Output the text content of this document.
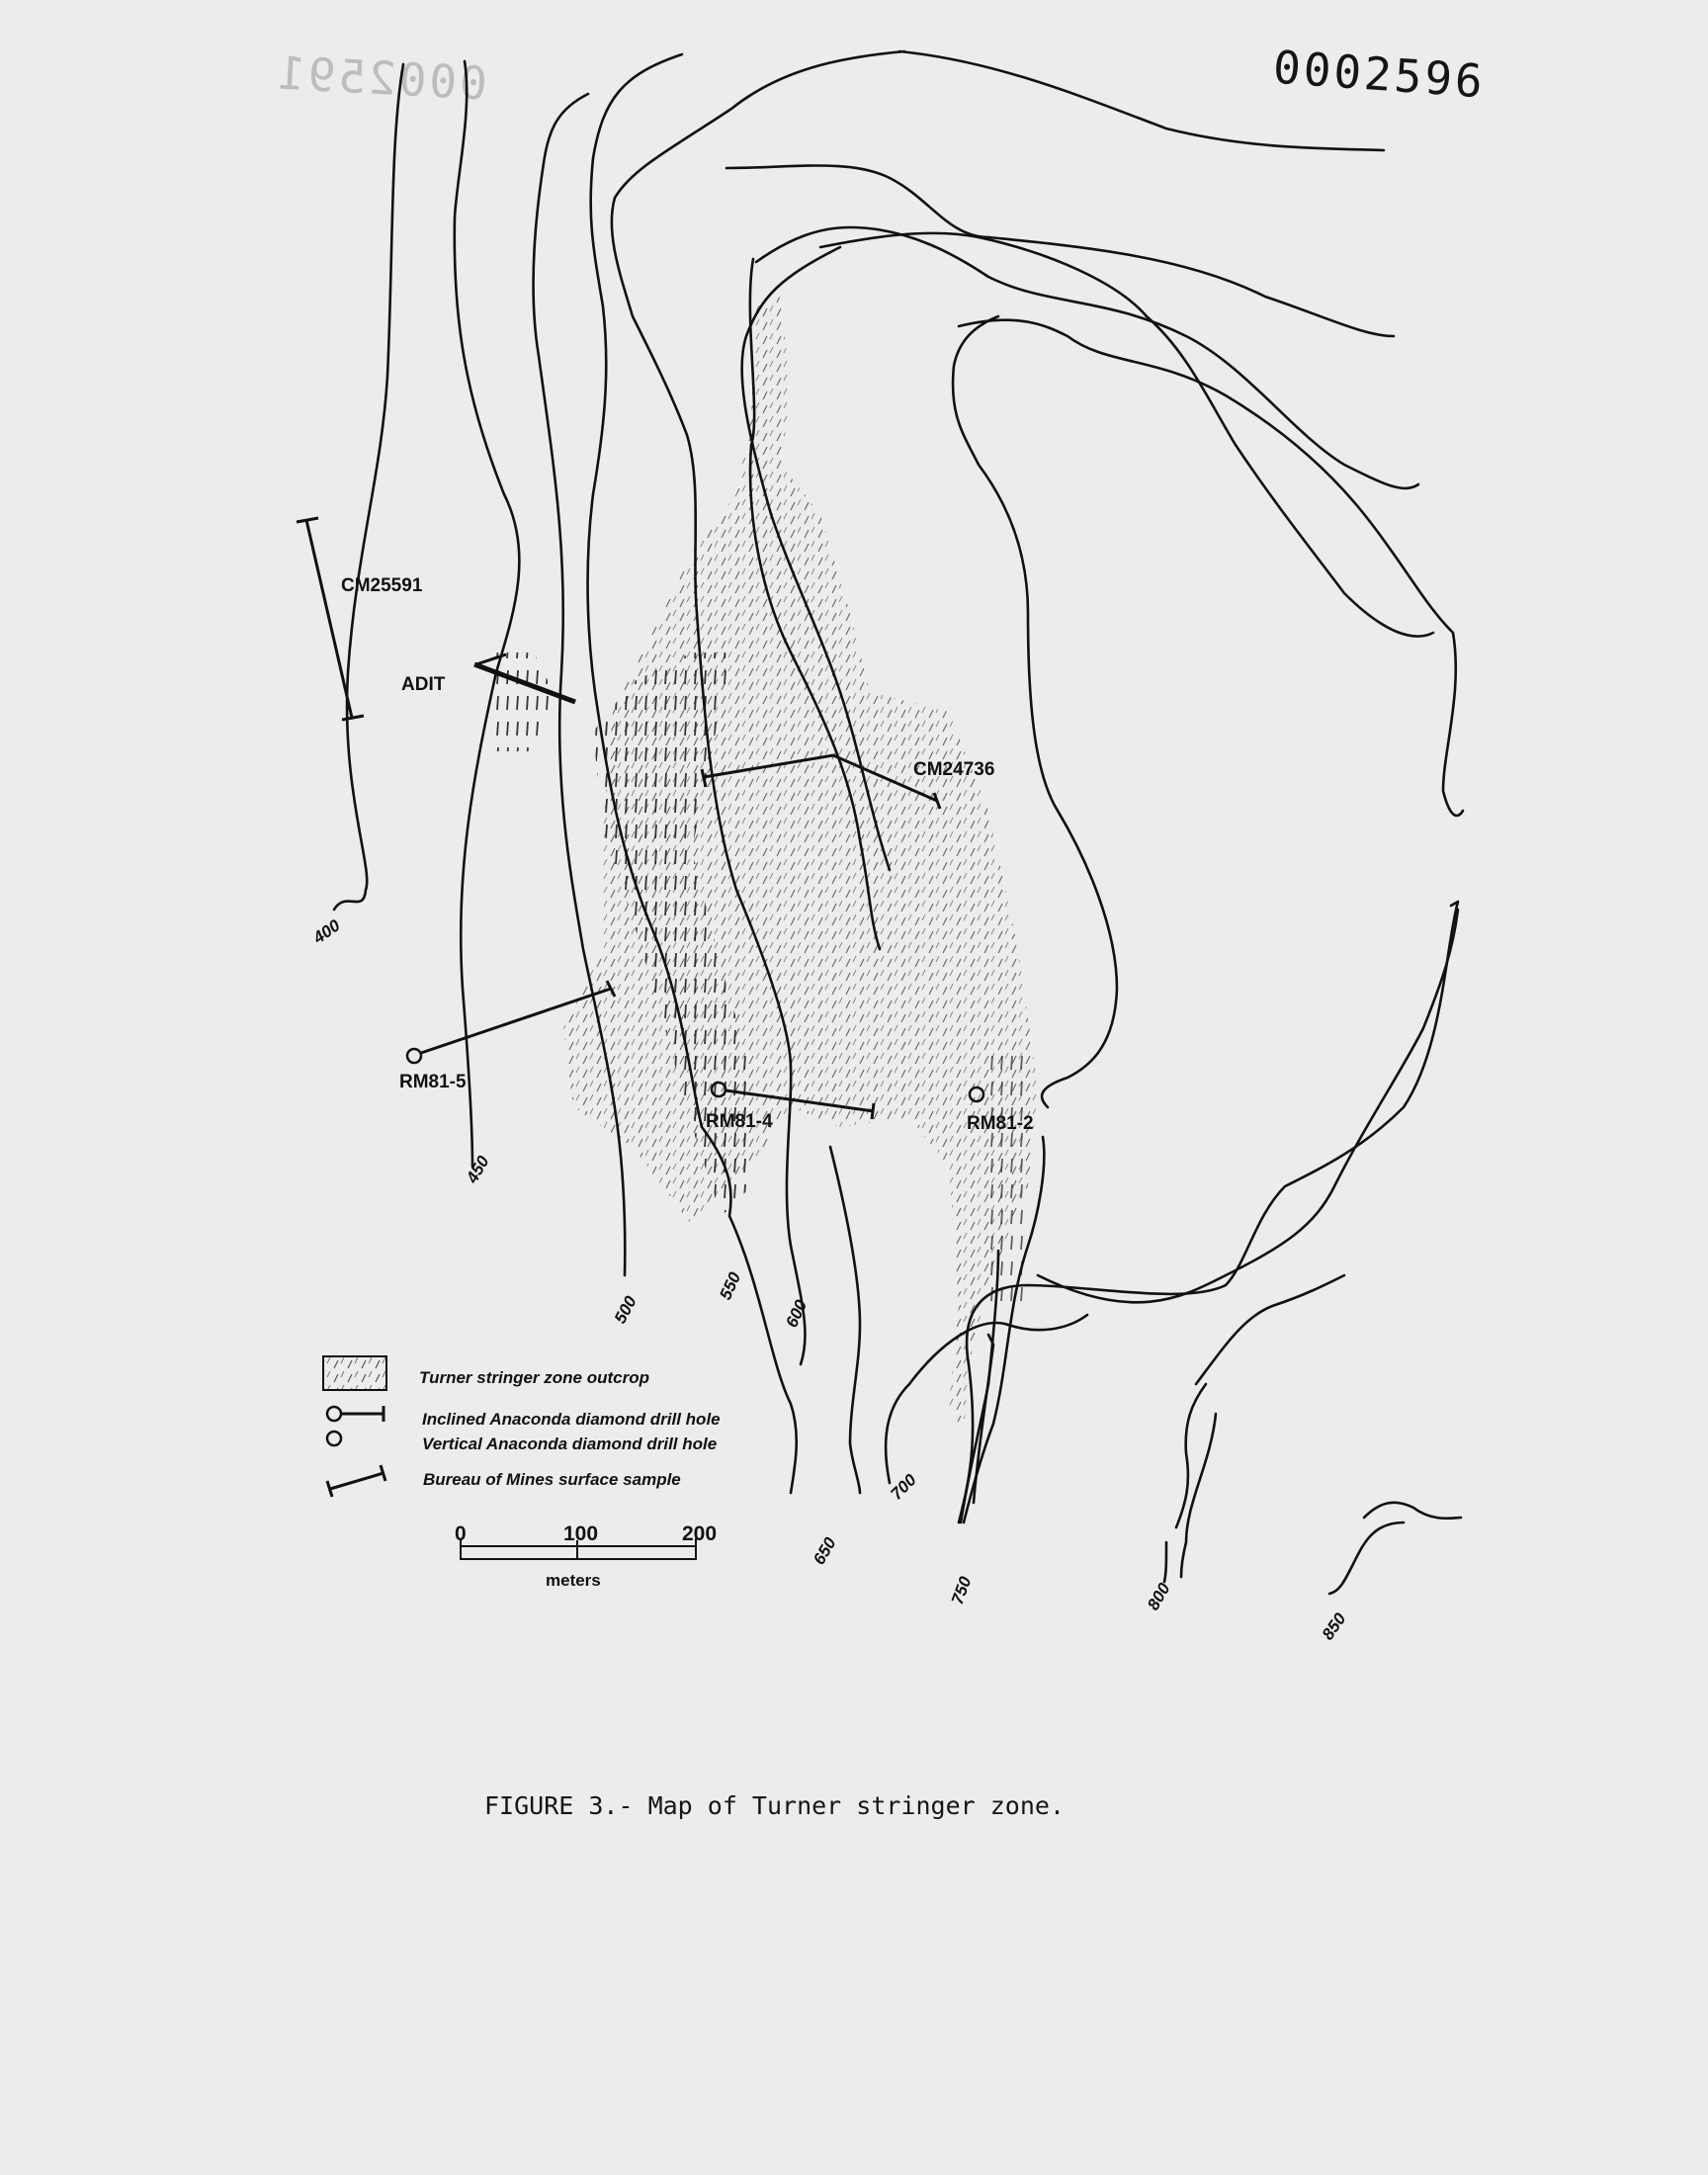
0002591	0002596
CM25591
ADIT
CM24736
RM81-5
RM81-4	RM81-2
400
450
500
550
600
650
700
750	800
850
Turner stringer zone outcrop
Inclined Anaconda diamond drill hole
Vertical Anaconda diamond drill hole
Bureau of Mines surface sample
0	100	200
meters
FIGURE 3.- Map of Turner stringer zone.
